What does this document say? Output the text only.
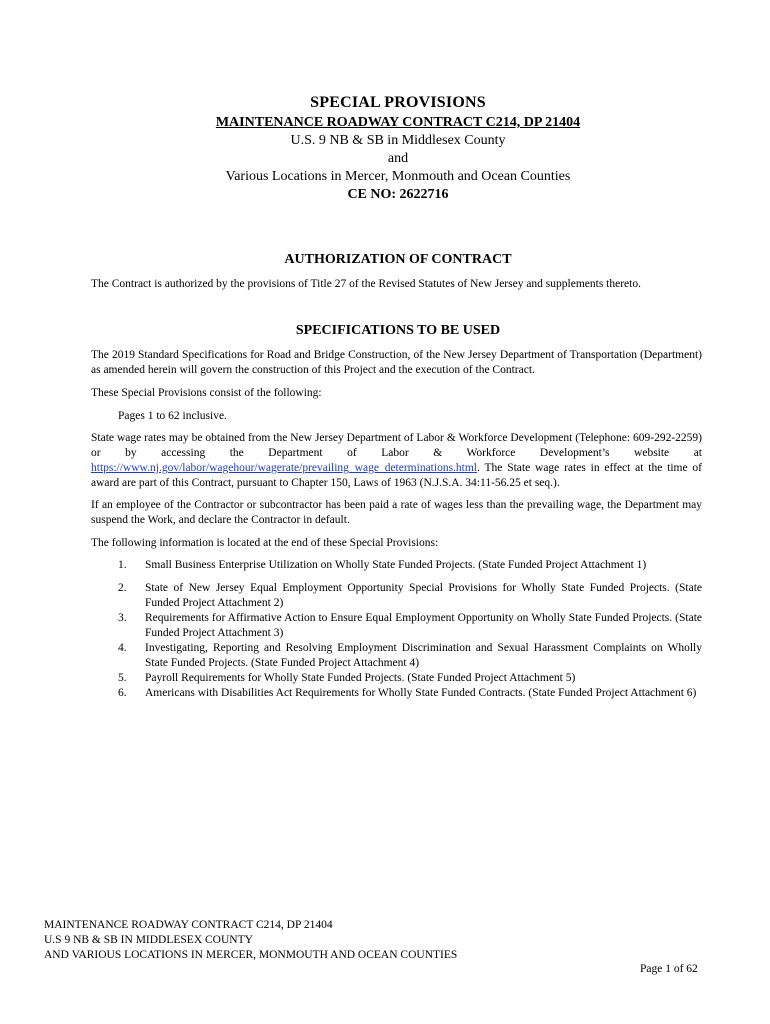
SPECIAL PROVISIONS
MAINTENANCE ROADWAY CONTRACT C214, DP 21404
U.S. 9 NB & SB in Middlesex County
and
Various Locations in Mercer, Monmouth and Ocean Counties
CE NO: 2622716
AUTHORIZATION OF CONTRACT
The Contract is authorized by the provisions of Title 27 of the Revised Statutes of New Jersey and supplements thereto.
SPECIFICATIONS TO BE USED
The 2019 Standard Specifications for Road and Bridge Construction, of the New Jersey Department of Transportation (Department) as amended herein will govern the construction of this Project and the execution of the Contract.
These Special Provisions consist of the following:
Pages 1 to 62 inclusive.
State wage rates may be obtained from the New Jersey Department of Labor & Workforce Development (Telephone: 609-292-2259) or by accessing the Department of Labor & Workforce Development’s website at https://www.nj.gov/labor/wagehour/wagerate/prevailing_wage_determinations.html. The State wage rates in effect at the time of award are part of this Contract, pursuant to Chapter 150, Laws of 1963 (N.J.S.A. 34:11-56.25 et seq.).
If an employee of the Contractor or subcontractor has been paid a rate of wages less than the prevailing wage, the Department may suspend the Work, and declare the Contractor in default.
The following information is located at the end of these Special Provisions:
1. Small Business Enterprise Utilization on Wholly State Funded Projects. (State Funded Project Attachment 1)
2. State of New Jersey Equal Employment Opportunity Special Provisions for Wholly State Funded Projects. (State Funded Project Attachment 2)
3. Requirements for Affirmative Action to Ensure Equal Employment Opportunity on Wholly State Funded Projects. (State Funded Project Attachment 3)
4. Investigating, Reporting and Resolving Employment Discrimination and Sexual Harassment Complaints on Wholly State Funded Projects. (State Funded Project Attachment 4)
5. Payroll Requirements for Wholly State Funded Projects. (State Funded Project Attachment 5)
6. Americans with Disabilities Act Requirements for Wholly State Funded Contracts. (State Funded Project Attachment 6)
MAINTENANCE ROADWAY CONTRACT C214, DP 21404
U.S 9 NB & SB IN MIDDLESEX COUNTY
AND VARIOUS LOCATIONS IN MERCER, MONMOUTH AND OCEAN COUNTIES
Page 1 of 62
